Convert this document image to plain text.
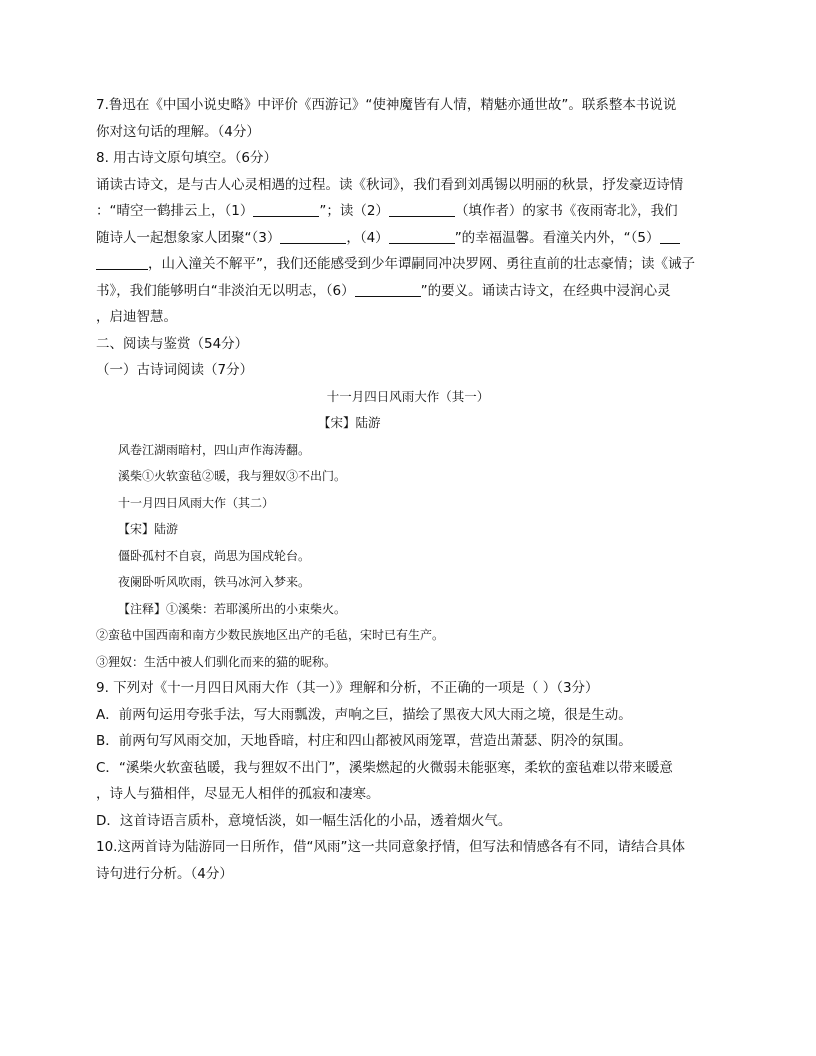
7.鲁迅在《中国小说史略》中评价《西游记》“使神魔皆有人情，精魅亦通世故”。联系整本书说说
你对这句话的理解。（4分）
8. 用古诗文原句填空。（6分）
诵读古诗文，是与古人心灵相遇的过程。读《秋词》，我们看到刘禹锡以明丽的秋景，抒发豪迈诗情
：“晴空一鹤排云上，（1）	”；读（2）	（填作者）的家书《夜雨寄北》，我们
随诗人一起想象家人团聚“（3）	，（4）	”的幸福温馨。看潼关内外，“（5）
，山入潼关不解平”，我们还能感受到少年谭嗣同冲决罗网、勇往直前的壮志豪情；读《诫子
书》，我们能够明白“非淡泊无以明志，（6）	”的要义。诵读古诗文，在经典中浸润心灵
，启迪智慧。
二、阅读与鉴赏（54分）
（一）古诗词阅读（7分）
十一月四日风雨大作（其一）
【宋】陆游
风卷江湖雨暗村，四山声作海涛翻。
溪柴①火软蛮毡②暖，我与狸奴③不出门。
十一月四日风雨大作（其二）
【宋】陆游
僵卧孤村不自哀，尚思为国戍轮台。
夜阑卧听风吹雨，铁马冰河入梦来。
【注释】①溪柴：若耶溪所出的小束柴火。
②蛮毡中国西南和南方少数民族地区出产的毛毡，宋时已有生产。
③狸奴：生活中被人们驯化而来的猫的昵称。
9. 下列对《十一月四日风雨大作（其一）》理解和分析，不正确的一项是（ ）（3分）
A．前两句运用夸张手法，写大雨瓢泼，声响之巨，描绘了黑夜大风大雨之境，很是生动。
B．前两句写风雨交加，天地昏暗，村庄和四山都被风雨笼罩，营造出萧瑟、阴冷的氛围。
C．“溪柴火软蛮毡暖，我与狸奴不出门”，溪柴燃起的火微弱未能驱寒，柔软的蛮毡难以带来暖意
，诗人与猫相伴，尽显无人相伴的孤寂和凄寒。
D．这首诗语言质朴，意境恬淡，如一幅生活化的小品，透着烟火气。
10.这两首诗为陆游同一日所作，借“风雨”这一共同意象抒情，但写法和情感各有不同，请结合具体
诗句进行分析。（4分）
